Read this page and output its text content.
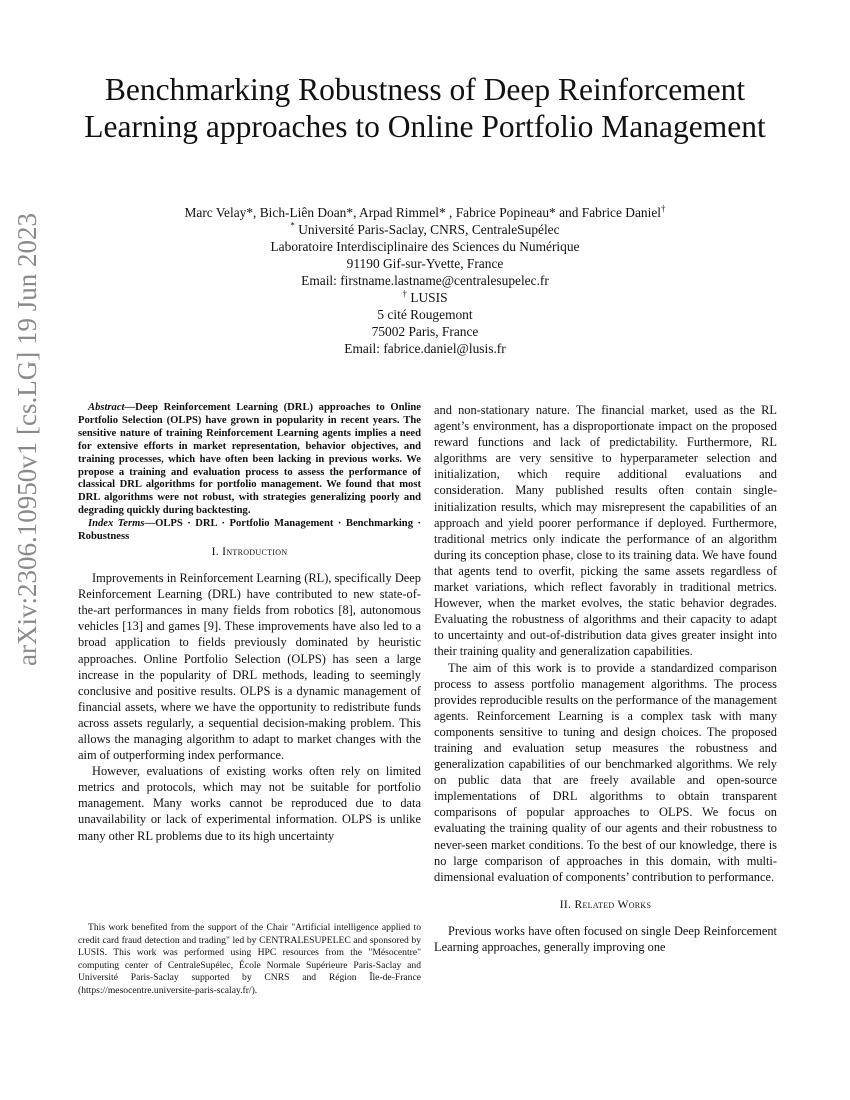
arXiv:2306.10950v1 [cs.LG] 19 Jun 2023
Benchmarking Robustness of Deep Reinforcement Learning approaches to Online Portfolio Management
Marc Velay*, Bich-Liên Doan*, Arpad Rimmel* , Fabrice Popineau* and Fabrice Daniel†
* Université Paris-Saclay, CNRS, CentraleSupélec
Laboratoire Interdisciplinaire des Sciences du Numérique
91190 Gif-sur-Yvette, France
Email: firstname.lastname@centralesupelec.fr
† LUSIS
5 cité Rougemont
75002 Paris, France
Email: fabrice.daniel@lusis.fr

Abstract—Deep Reinforcement Learning (DRL) approaches to Online Portfolio Selection (OLPS) have grown in popularity in recent years. The sensitive nature of training Reinforcement Learning agents implies a need for extensive efforts in market representation, behavior objectives, and training processes, which have often been lacking in previous works. We propose a training and evaluation process to assess the performance of classical DRL algorithms for portfolio management. We found that most DRL algorithms were not robust, with strategies generalizing poorly and degrading quickly during backtesting.

Index Terms—OLPS · DRL · Portfolio Management · Benchmarking · Robustness

I. Introduction

Improvements in Reinforcement Learning (RL), specifically Deep Reinforcement Learning (DRL) have contributed to new state-of-the-art performances in many fields from robotics [8], autonomous vehicles [13] and games [9]. These improvements have also led to a broad application to fields previously dominated by heuristic approaches. Online Portfolio Selection (OLPS) has seen a large increase in the popularity of DRL methods, leading to seemingly conclusive and positive results. OLPS is a dynamic management of financial assets, where we have the opportunity to redistribute funds across assets regularly, a sequential decision-making problem. This allows the managing algorithm to adapt to market changes with the aim of outperforming index performance.

However, evaluations of existing works often rely on limited metrics and protocols, which may not be suitable for portfolio management. Many works cannot be reproduced due to data unavailability or lack of experimental information. OLPS is unlike many other RL problems due to its high uncertainty

This work benefited from the support of the Chair "Artificial intelligence applied to credit card fraud detection and trading" led by CENTRALESUPELEC and sponsored by LUSIS. This work was performed using HPC resources from the "Mésocentre" computing center of CentraleSupélec, École Normale Supérieure Paris-Saclay and Université Paris-Saclay supported by CNRS and Région Île-de-France (https://mesocentre.universite-paris-scalay.fr/).

and non-stationary nature. The financial market, used as the RL agent’s environment, has a disproportionate impact on the proposed reward functions and lack of predictability. Furthermore, RL algorithms are very sensitive to hyperparameter selection and initialization, which require additional evaluations and consideration. Many published results often contain single-initialization results, which may misrepresent the capabilities of an approach and yield poorer performance if deployed. Furthermore, traditional metrics only indicate the performance of an algorithm during its conception phase, close to its training data. We have found that agents tend to overfit, picking the same assets regardless of market variations, which reflect favorably in traditional metrics. However, when the market evolves, the static behavior degrades. Evaluating the robustness of algorithms and their capacity to adapt to uncertainty and out-of-distribution data gives greater insight into their training quality and generalization capabilities.

The aim of this work is to provide a standardized comparison process to assess portfolio management algorithms. The process provides reproducible results on the performance of the management agents. Reinforcement Learning is a complex task with many components sensitive to tuning and design choices. The proposed training and evaluation setup measures the robustness and generalization capabilities of our benchmarked algorithms. We rely on public data that are freely available and open-source implementations of DRL algorithms to obtain transparent comparisons of popular approaches to OLPS. We focus on evaluating the training quality of our agents and their robustness to never-seen market conditions. To the best of our knowledge, there is no large comparison of approaches in this domain, with multi-dimensional evaluation of components’ contribution to performance.

II. Related Works

Previous works have often focused on single Deep Reinforcement Learning approaches, generally improving one
